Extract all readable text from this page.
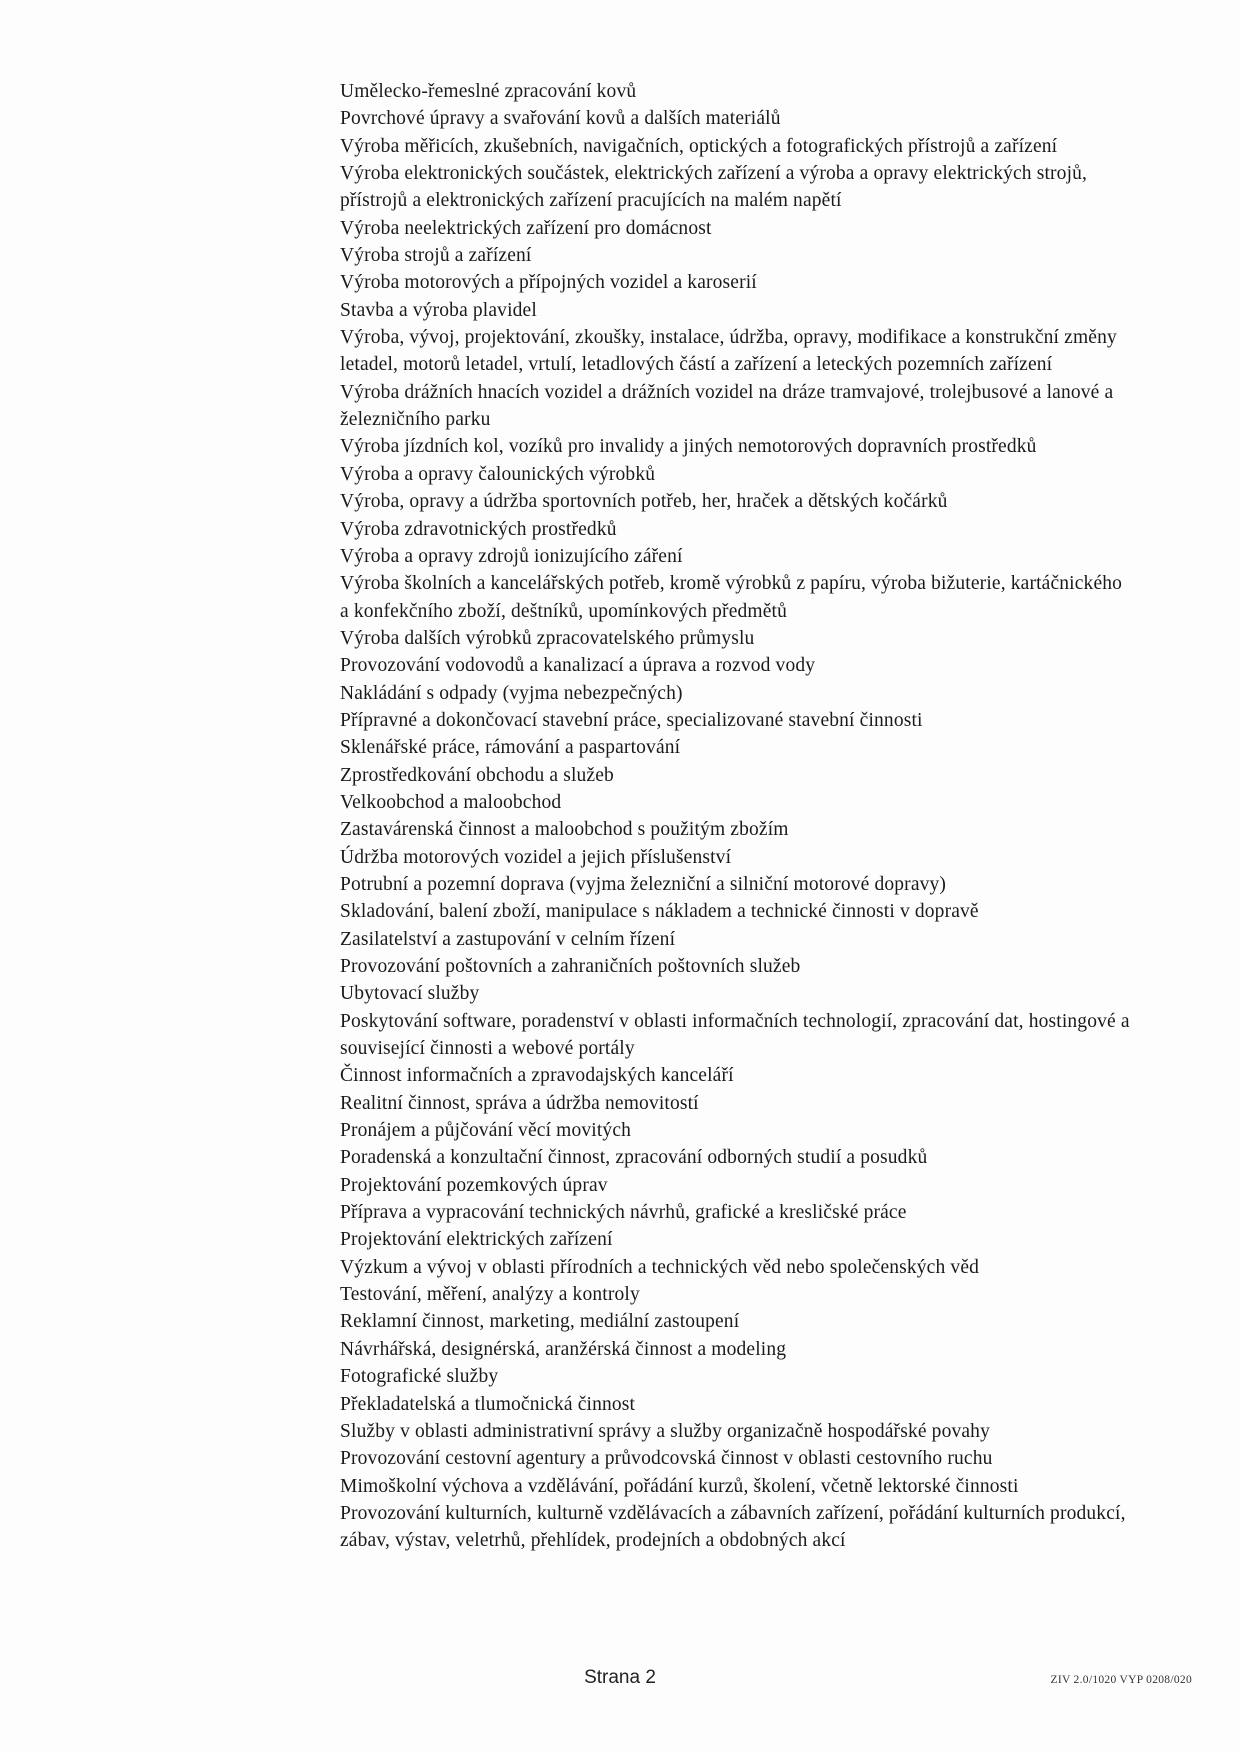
Umělecko-řemeslné zpracování kovů
Povrchové úpravy a svařování kovů a dalších materiálů
Výroba měřicích, zkušebních, navigačních, optických a fotografických přístrojů a zařízení
Výroba elektronických součástek, elektrických zařízení a výroba a opravy elektrických strojů, přístrojů a elektronických zařízení pracujících na malém napětí
Výroba neelektrických zařízení pro domácnost
Výroba strojů a zařízení
Výroba motorových a přípojných vozidel a karoserií
Stavba a výroba plavidel
Výroba, vývoj, projektování, zkoušky, instalace, údržba, opravy, modifikace a konstrukční změny letadel, motorů letadel, vrtulí, letadlových částí a zařízení a leteckých pozemních zařízení
Výroba drážních hnacích vozidel a drážních vozidel na dráze tramvajové, trolejbusové a lanové a železničního parku
Výroba jízdních kol, vozíků pro invalidy a jiných nemotorových dopravních prostředků
Výroba a opravy čalounických výrobků
Výroba, opravy a údržba sportovních potřeb, her, hraček a dětských kočárků
Výroba zdravotnických prostředků
Výroba a opravy zdrojů ionizujícího záření
Výroba školních a kancelářských potřeb, kromě výrobků z papíru, výroba bižuterie, kartáčnického a konfekčního zboží, deštníků, upomínkových předmětů
Výroba dalších výrobků zpracovatelského průmyslu
Provozování vodovodů a kanalizací a úprava a rozvod vody
Nakládání s odpady (vyjma nebezpečných)
Přípravné a dokončovací stavební práce, specializované stavební činnosti
Sklenářské práce, rámování a paspartování
Zprostředkování obchodu a služeb
Velkoobchod a maloobchod
Zastavárenská činnost a maloobchod s použitým zbožím
Údržba motorových vozidel a jejich příslušenství
Potrubní a pozemní doprava (vyjma železniční a silniční motorové dopravy)
Skladování, balení zboží, manipulace s nákladem a technické činnosti v dopravě
Zasilatelství a zastupování v celním řízení
Provozování poštovních a zahraničních poštovních služeb
Ubytovací služby
Poskytování software, poradenství v oblasti informačních technologií, zpracování dat, hostingové a související činnosti a webové portály
Činnost informačních a zpravodajských kanceláří
Realitní činnost, správa a údržba nemovitostí
Pronájem a půjčování věcí movitých
Poradenská a konzultační činnost, zpracování odborných studií a posudků
Projektování pozemkových úprav
Příprava a vypracování technických návrhů, grafické a kresličské práce
Projektování elektrických zařízení
Výzkum a vývoj v oblasti přírodních a technických věd nebo společenských věd
Testování, měření, analýzy a kontroly
Reklamní činnost, marketing, mediální zastoupení
Návrhářská, designérská, aranžérská činnost a modeling
Fotografické služby
Překladatelská a tlumočnická činnost
Služby v oblasti administrativní správy a služby organizačně hospodářské povahy
Provozování cestovní agentury a průvodcovská činnost v oblasti cestovního ruchu
Mimoškolní výchova a vzdělávání, pořádání kurzů, školení, včetně lektorské činnosti
Provozování kulturních, kulturně vzdělávacích a zábavních zařízení, pořádání kulturních produkcí, zábav, výstav, veletrhů, přehlídek, prodejních a obdobných akcí
Strana 2	ZIV 2.0/1020 VYP 0208/020
